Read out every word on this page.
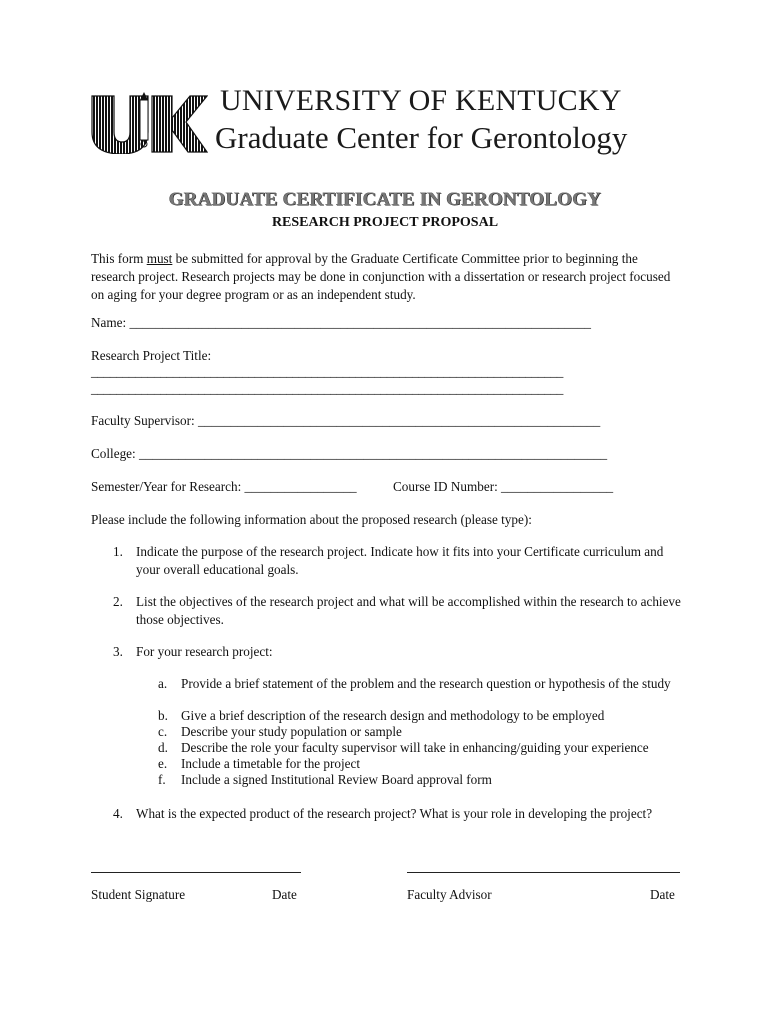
UNIVERSITY OF KENTUCKY
Graduate Center for Gerontology
GRADUATE CERTIFICATE IN GERONTOLOGY
RESEARCH PROJECT PROPOSAL
This form must be submitted for approval by the Graduate Certificate Committee prior to beginning the research project. Research projects may be done in conjunction with a dissertation or research project focused on aging for your degree program or as an independent study.
Name: ______________________________________________________________________
Research Project Title:
___________________________________________________________________________
___________________________________________________________________________
Faculty Supervisor: _____________________________________________________________
College: _______________________________________________________________________
Semester/Year for Research: _________________	Course ID Number: _________________
Please include the following information about the proposed research (please type):
1. Indicate the purpose of the research project. Indicate how it fits into your Certificate curriculum and your overall educational goals.
2. List the objectives of the research project and what will be accomplished within the research to achieve those objectives.
3. For your research project:
a. Provide a brief statement of the problem and the research question or hypothesis of the study
b. Give a brief description of the research design and methodology to be employed
c. Describe your study population or sample
d. Describe the role your faculty supervisor will take in enhancing/guiding your experience
e. Include a timetable for the project
f. Include a signed Institutional Review Board approval form
4. What is the expected product of the research project? What is your role in developing the project?
Student Signature	Date	Faculty Advisor	Date
